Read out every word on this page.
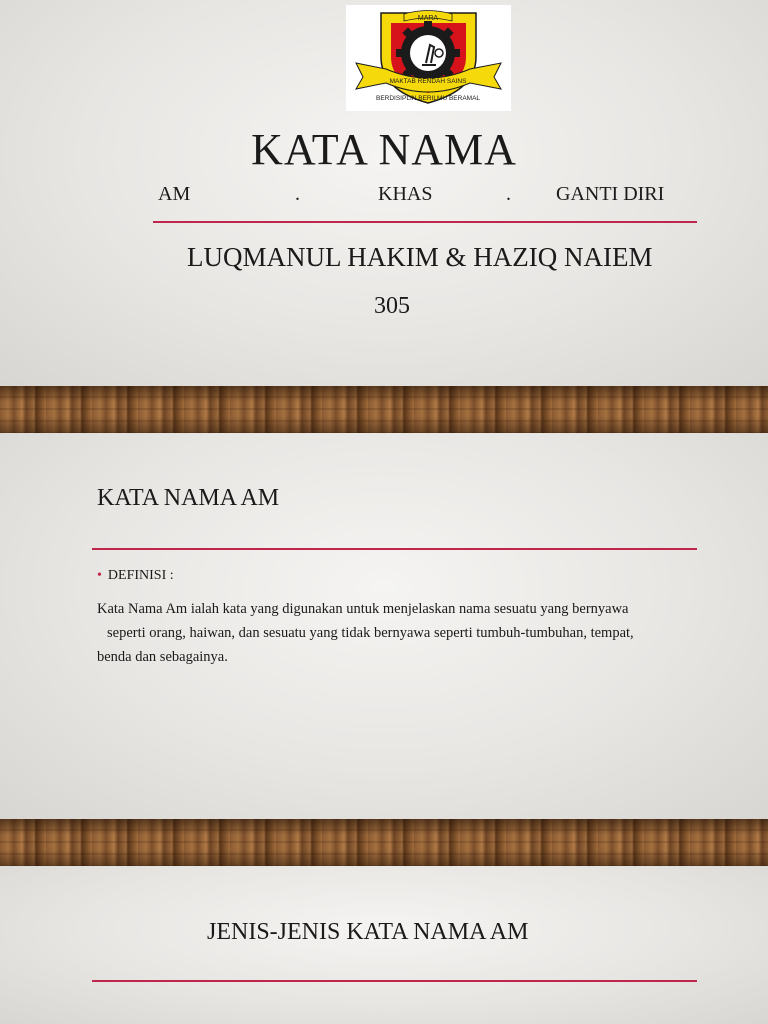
MARA
MAKTAB RENDAH SAINS
BERDISIPLIN BERILMU BERAMAL
KATA NAMA
AM	.	KHAS	. GANTI DIRI
LUQMANUL HAKIM & HAZIQ NAIEM
305
KATA NAMA AM
• DEFINISI :
Kata Nama Am ialah kata yang digunakan untuk menjelaskan nama sesuatu yang bernyawa
seperti orang, haiwan, dan sesuatu yang tidak bernyawa seperti tumbuh-tumbuhan, tempat,
benda dan sebagainya.
JENIS-JENIS KATA NAMA AM
